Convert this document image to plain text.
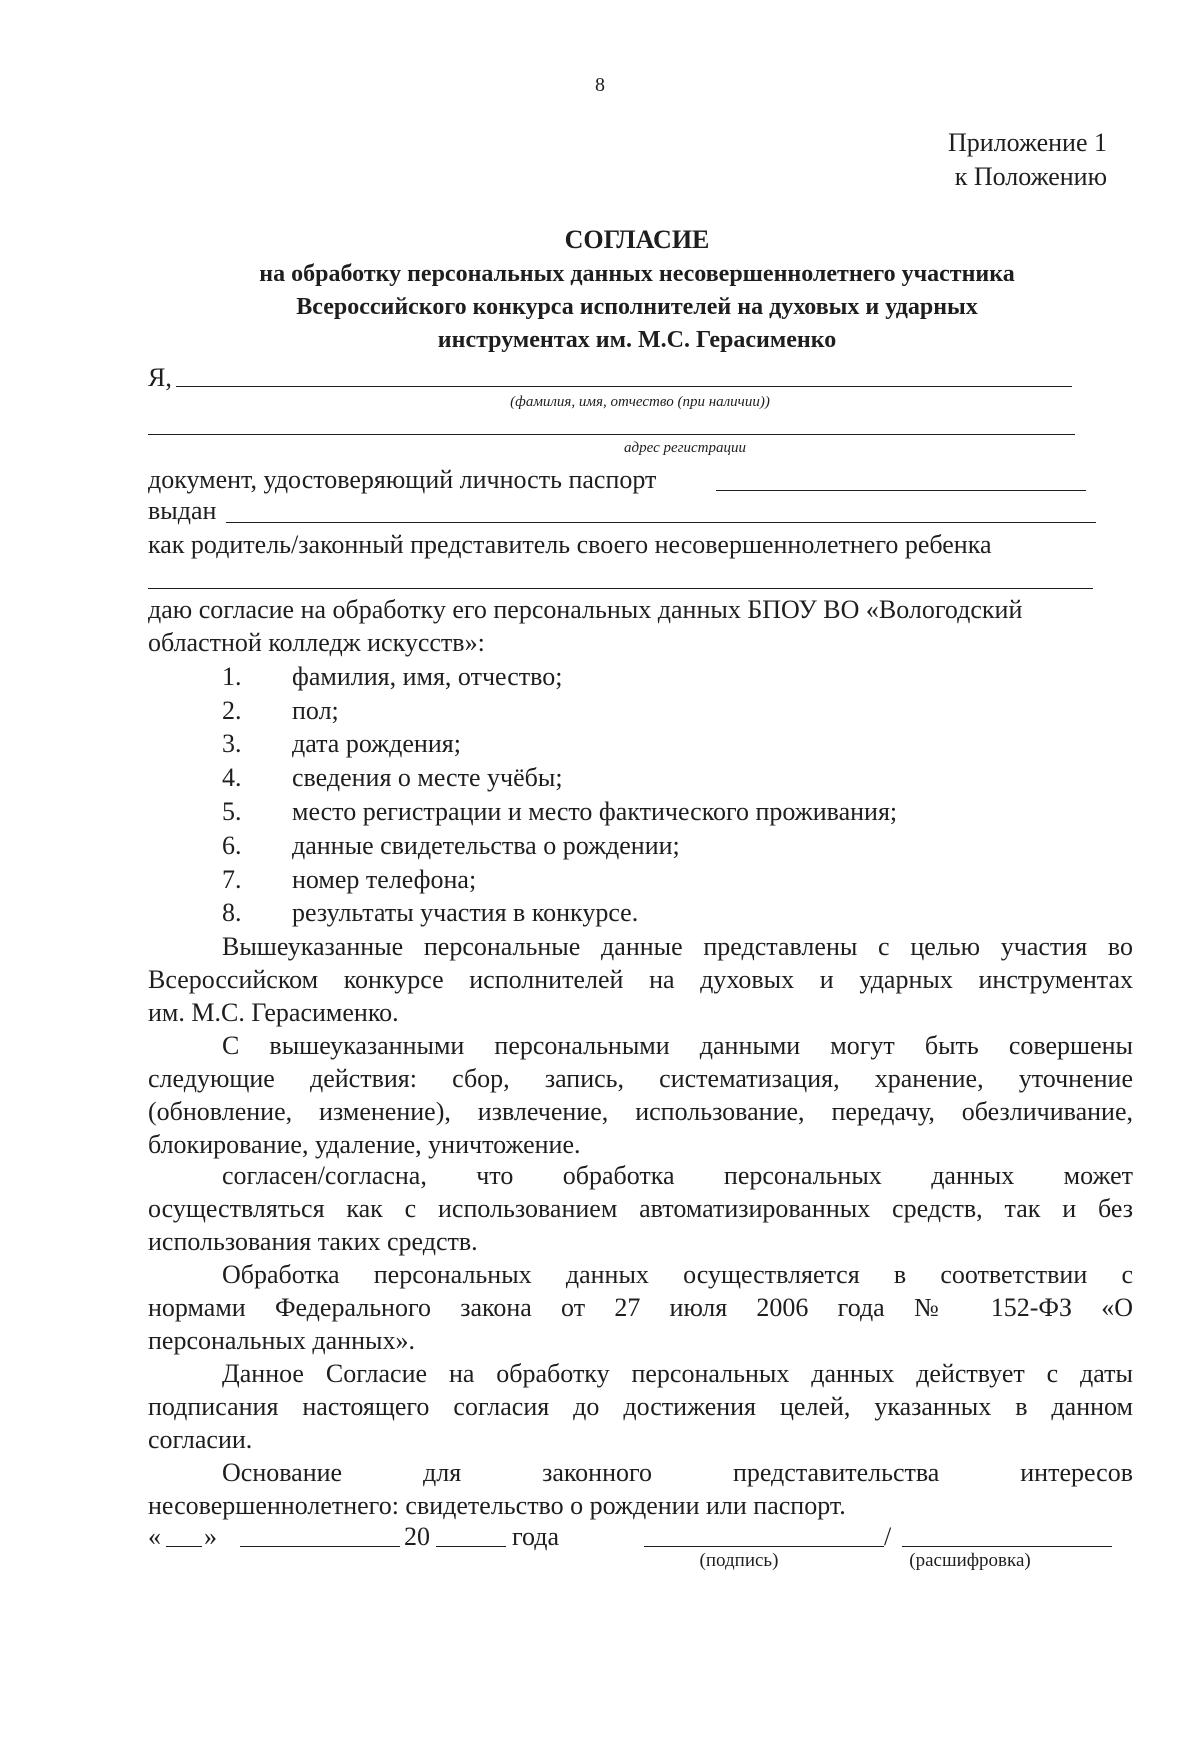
8
Приложение 1
к Положению
СОГЛАСИЕ
на обработку персональных данных несовершеннолетнего участника
Всероссийского конкурса исполнителей на духовых и ударных
инструментах им. М.С. Герасименко
Я,
(фамилия, имя, отчество (при наличии))
адрес регистрации
документ, удостоверяющий личность паспорт
выдан
как родитель/законный представитель своего несовершеннолетнего ребенка
даю согласие на обработку его персональных данных БПОУ ВО «Вологодский
областной колледж искусств»:
1. фамилия, имя, отчество;
2. пол;
3. дата рождения;
4. сведения о месте учёбы;
5. место регистрации и место фактического проживания;
6. данные свидетельства о рождении;
7. номер телефона;
8. результаты участия в конкурсе.
Вышеуказанные персональные данные представлены с целью участия во
Всероссийском конкурсе исполнителей на духовых и ударных инструментах
им. М.С. Герасименко.
С вышеуказанными персональными данными могут быть совершены
следующие действия: сбор, запись, систематизация, хранение, уточнение
(обновление, изменение), извлечение, использование, передачу, обезличивание,
блокирование, удаление, уничтожение.
согласен/согласна, что обработка персональных данных может
осуществляться как с использованием автоматизированных средств, так и без
использования таких средств.
Обработка персональных данных осуществляется в соответствии с
нормами Федерального закона от 27 июля 2006 года № 152-ФЗ «О
персональных данных».
Данное Согласие на обработку персональных данных действует с даты
подписания настоящего согласия до достижения целей, указанных в данном
согласии.
Основание для законного представительства интересов
несовершеннолетнего: свидетельство о рождении или паспорт.
« »	20	года	/
(подпись)	(расшифровка)
